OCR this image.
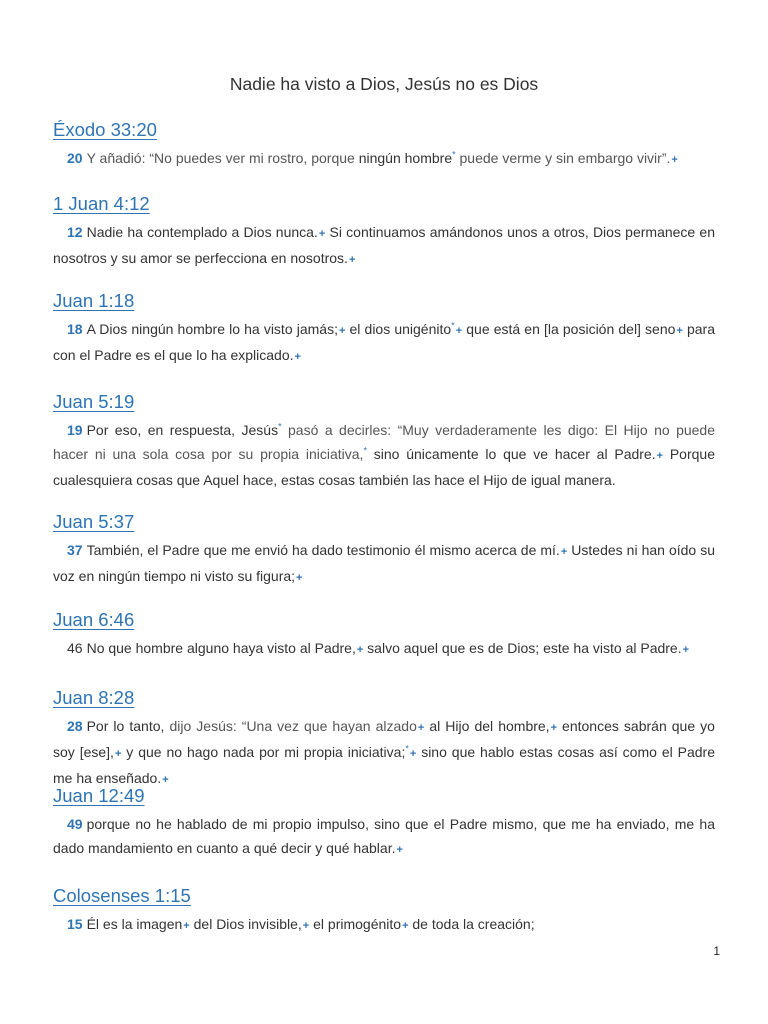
Nadie ha visto a Dios, Jesús no es Dios
Éxodo 33:20

20 Y añadió: “No puedes ver mi rostro, porque ningún hombre* puede verme y sin embargo vivir”.+

1 Juan 4:12

12 Nadie ha contemplado a Dios nunca.+ Si continuamos amándonos unos a otros, Dios permanece en nosotros y su amor se perfecciona en nosotros.+

Juan 1:18

18 A Dios ningún hombre lo ha visto jamás;+ el dios unigénito*+ que está en [la posición del] seno+ para con el Padre es el que lo ha explicado.+

Juan 5:19

19 Por eso, en respuesta, Jesús* pasó a decirles: “Muy verdaderamente les digo: El Hijo no puede hacer ni una sola cosa por su propia iniciativa,* sino únicamente lo que ve hacer al Padre.+ Porque cualesquiera cosas que Aquel hace, estas cosas también las hace el Hijo de igual manera.

Juan 5:37

37 También, el Padre que me envió ha dado testimonio él mismo acerca de mí.+ Ustedes ni han oído su voz en ningún tiempo ni visto su figura;+

Juan 6:46

46 No que hombre alguno haya visto al Padre,+ salvo aquel que es de Dios; este ha visto al Padre.+

Juan 8:28

28 Por lo tanto, dijo Jesús: “Una vez que hayan alzado+ al Hijo del hombre,+ entonces sabrán que yo soy [ese],+ y que no hago nada por mi propia iniciativa;*+ sino que hablo estas cosas así como el Padre me ha enseñado.+

Juan 12:49

49 porque no he hablado de mi propio impulso, sino que el Padre mismo, que me ha enviado, me ha dado mandamiento en cuanto a qué decir y qué hablar.+

Colosenses 1:15

15 Él es la imagen+ del Dios invisible,+ el primogénito+ de toda la creación;

1
